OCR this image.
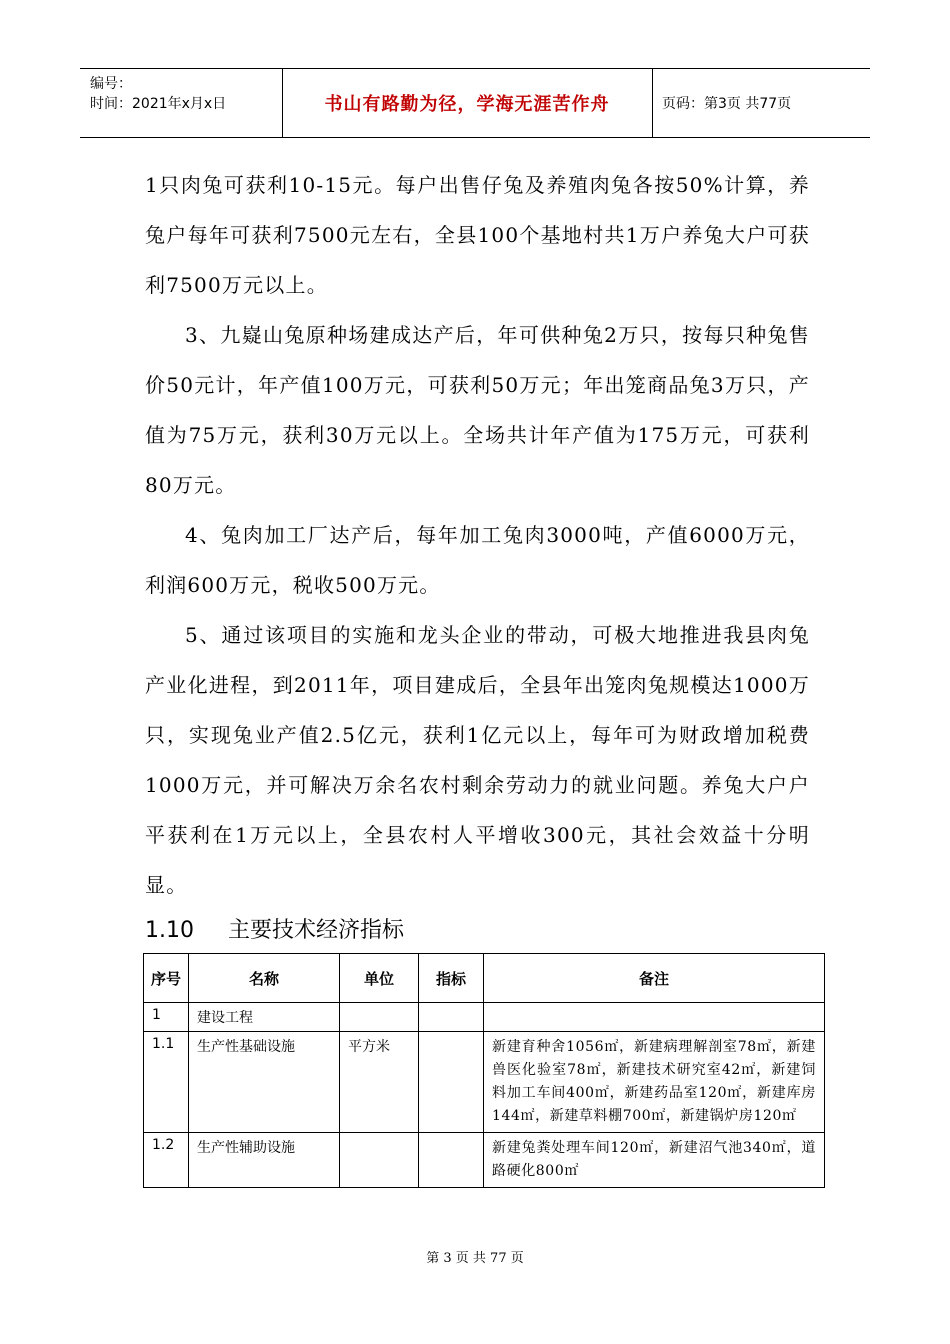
编号：
时间：2021年x月x日	书山有路勤为径，学海无涯苦作舟	页码：第3页 共77页

1只肉兔可获利10-15元。每户出售仔兔及养殖肉兔各按50%计算，养兔户每年可获利7500元左右，全县100个基地村共1万户养兔大户可获利7500万元以上。

3、九嶷山兔原种场建成达产后，年可供种兔2万只，按每只种兔售价50元计，年产值100万元，可获利50万元；年出笼商品兔3万只，产值为75万元，获利30万元以上。全场共计年产值为175万元，可获利80万元。

4、兔肉加工厂达产后，每年加工兔肉3000吨，产值6000万元，利润600万元，税收500万元。

5、通过该项目的实施和龙头企业的带动，可极大地推进我县肉兔产业化进程，到2011年，项目建成后，全县年出笼肉兔规模达1000万只，实现兔业产值2.5亿元，获利1亿元以上，每年可为财政增加税费1000万元，并可解决万余名农村剩余劳动力的就业问题。养兔大户户平获利在1万元以上，全县农村人平增收300元，其社会效益十分明显。

1.10 主要技术经济指标
序号	名称	单位	指标	备注
1	建设工程			
1.1	生产性基础设施	平方米		新建育种舍1056㎡，新建病理解剖室78㎡，新建兽医化验室78㎡，新建技术研究室42㎡，新建饲料加工车间400㎡，新建药品室120㎡，新建库房144㎡，新建草料棚700㎡，新建锅炉房120㎡
1.2	生产性辅助设施			新建兔粪处理车间120㎡，新建沼气池340㎡，道路硬化800㎡
第 3 页 共 77 页
